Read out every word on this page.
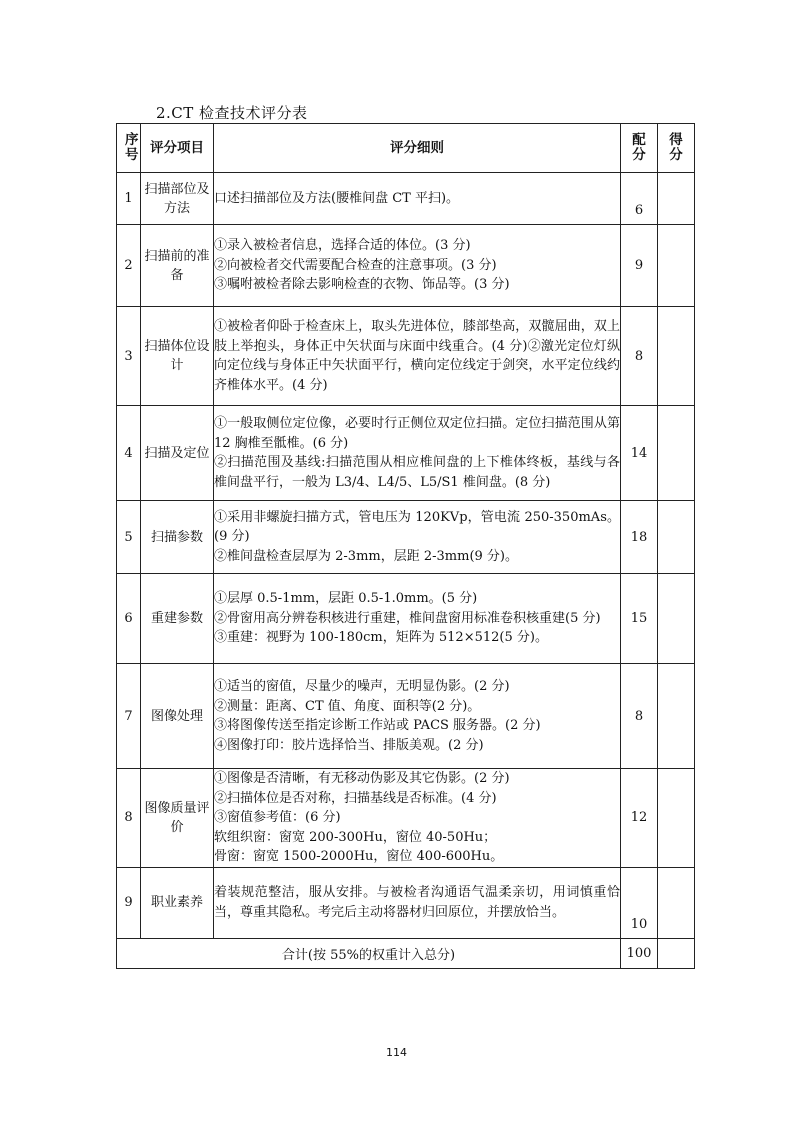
2.CT 检查技术评分表
序号	评分项目	评分细则	配分	得分
1	扫描部位及方法	口述扫描部位及方法(腰椎间盘 CT 平扫)。	6	
2	扫描前的准备	①录入被检者信息，选择合适的体位。(3 分)
②向被检者交代需要配合检查的注意事项。(3 分)
③嘱咐被检者除去影响检查的衣物、饰品等。(3 分)	9	
3	扫描体位设计	①被检者仰卧于检查床上，取头先进体位，膝部垫高，双髋屈曲，双上肢上举抱头，身体正中矢状面与床面中线重合。(4 分)②激光定位灯纵向定位线与身体正中矢状面平行，横向定位线定于剑突，水平定位线约齐椎体水平。(4 分)	8	
4	扫描及定位	①一般取侧位定位像，必要时行正侧位双定位扫描。定位扫描范围从第12 胸椎至骶椎。(6 分)
②扫描范围及基线:扫描范围从相应椎间盘的上下椎体终板，基线与各椎间盘平行，一般为 L3/4、L4/5、L5/S1 椎间盘。(8 分)	14	
5	扫描参数	①采用非螺旋扫描方式，管电压为 120KVp，管电流 250-350mAs。(9 分)
②椎间盘检查层厚为 2-3mm，层距 2-3mm(9 分)。	18	
6	重建参数	①层厚 0.5-1mm，层距 0.5-1.0mm。(5 分)
②骨窗用高分辨卷积核进行重建，椎间盘窗用标准卷积核重建(5 分)
③重建：视野为 100-180cm，矩阵为 512×512(5 分)。	15	
7	图像处理	①适当的窗值，尽量少的噪声，无明显伪影。(2 分)
②测量：距离、CT 值、角度、面积等(2 分)。
③将图像传送至指定诊断工作站或 PACS 服务器。(2 分)
④图像打印：胶片选择恰当、排版美观。(2 分)	8	
8	图像质量评价	①图像是否清晰，有无移动伪影及其它伪影。(2 分)
②扫描体位是否对称，扫描基线是否标准。(4 分)
③窗值参考值：(6 分)
软组织窗：窗宽 200-300Hu，窗位 40-50Hu；
骨窗：窗宽 1500-2000Hu，窗位 400-600Hu。	12	
9	职业素养	着装规范整洁，服从安排。与被检者沟通语气温柔亲切，用词慎重恰当，尊重其隐私。考完后主动将器材归回原位，并摆放恰当。	10	
合计(按 55%的权重计入总分)			100	
114
